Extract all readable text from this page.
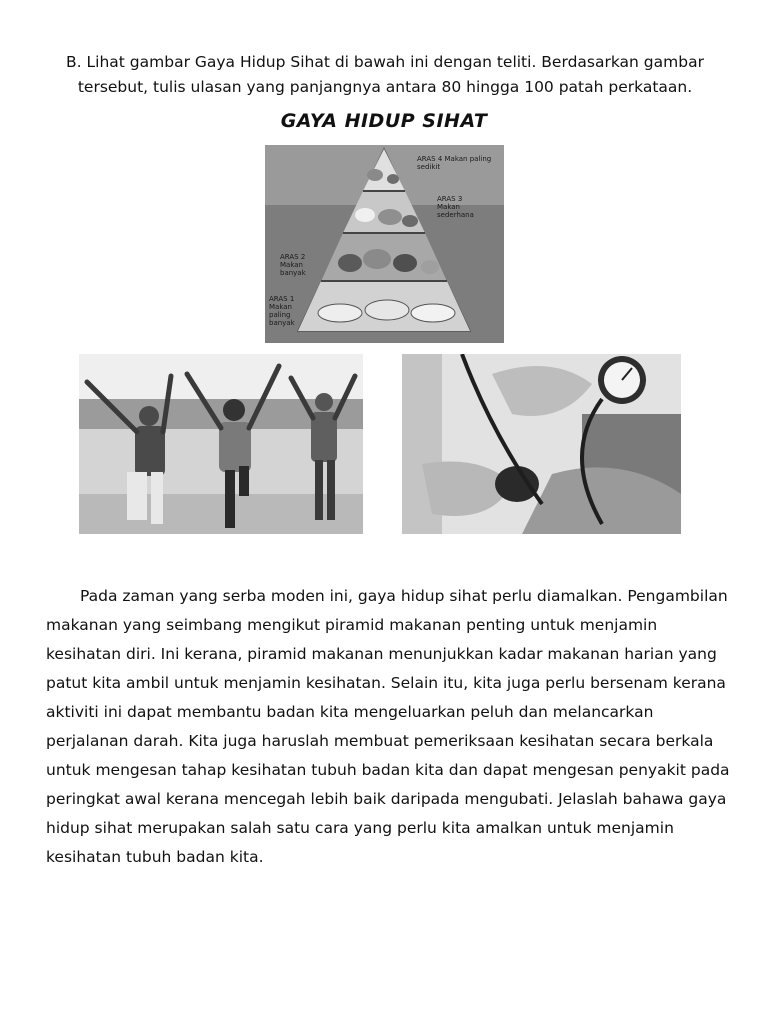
B. Lihat gambar Gaya Hidup Sihat di bawah ini dengan teliti. Berdasarkan gambar tersebut, tulis ulasan yang panjangnya antara 80 hingga 100 patah perkataan.
GAYA HIDUP SIHAT
ARAS 4 Makan paling sedikit
ARAS 3 Makan sederhana
ARAS 2 Makan banyak
ARAS 1 Makan paling banyak

Pada zaman yang serba moden ini, gaya hidup sihat perlu diamalkan. Pengambilan makanan yang seimbang mengikut piramid makanan penting untuk menjamin kesihatan diri. Ini kerana, piramid makanan menunjukkan kadar makanan harian yang patut kita ambil untuk menjamin kesihatan. Selain itu, kita juga perlu bersenam kerana aktiviti ini dapat membantu badan kita mengeluarkan peluh dan melancarkan perjalanan darah. Kita juga haruslah membuat pemeriksaan kesihatan secara berkala untuk mengesan tahap kesihatan tubuh badan kita dan dapat mengesan penyakit pada peringkat awal kerana mencegah lebih baik daripada mengubati. Jelaslah bahawa gaya hidup sihat merupakan salah satu cara yang perlu kita amalkan untuk menjamin kesihatan tubuh badan kita.
